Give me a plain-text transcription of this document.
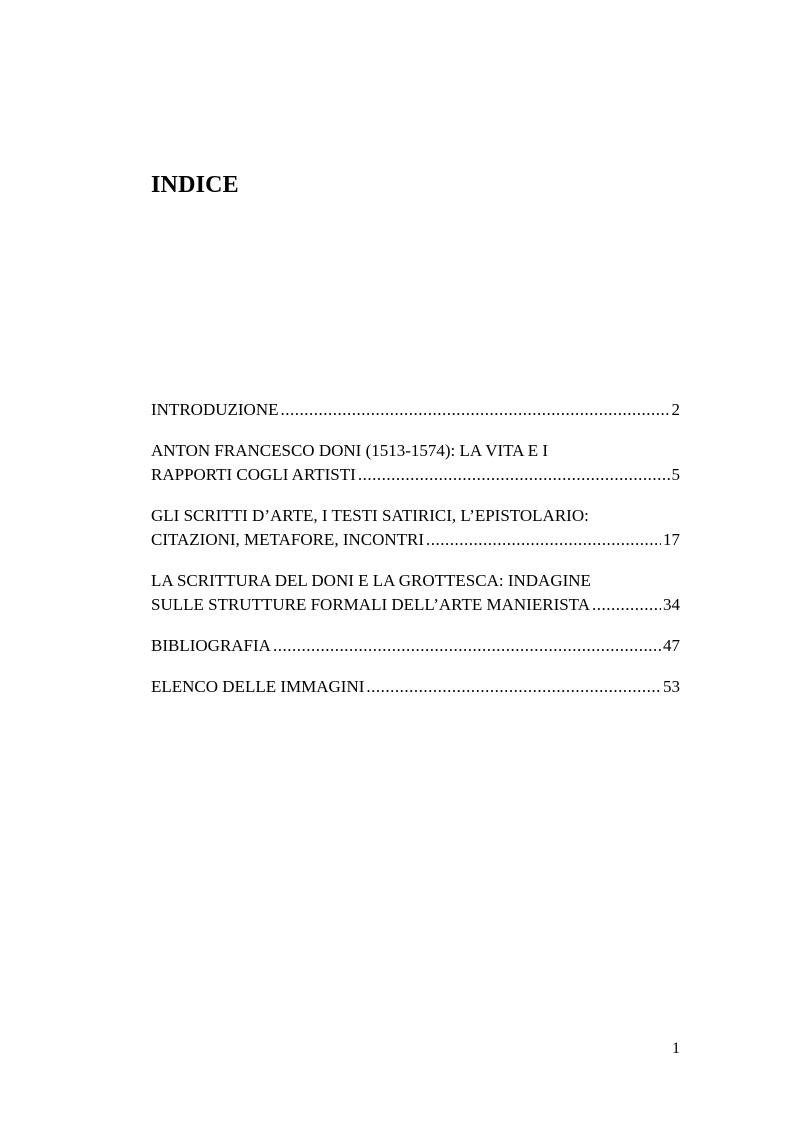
INDICE
INTRODUZIONE .....	2
ANTON FRANCESCO DONI (1513-1574): LA VITA E I
RAPPORTI COGLI ARTISTI .....	5
GLI SCRITTI D’ARTE, I TESTI SATIRICI, L’EPISTOLARIO:
CITAZIONI, METAFORE, INCONTRI .....	17
LA SCRITTURA DEL DONI E LA GROTTESCA: INDAGINE
SULLE STRUTTURE FORMALI DELL’ARTE MANIERISTA .....	34
BIBLIOGRAFIA .....	47
ELENCO DELLE IMMAGINI .....	53
1
